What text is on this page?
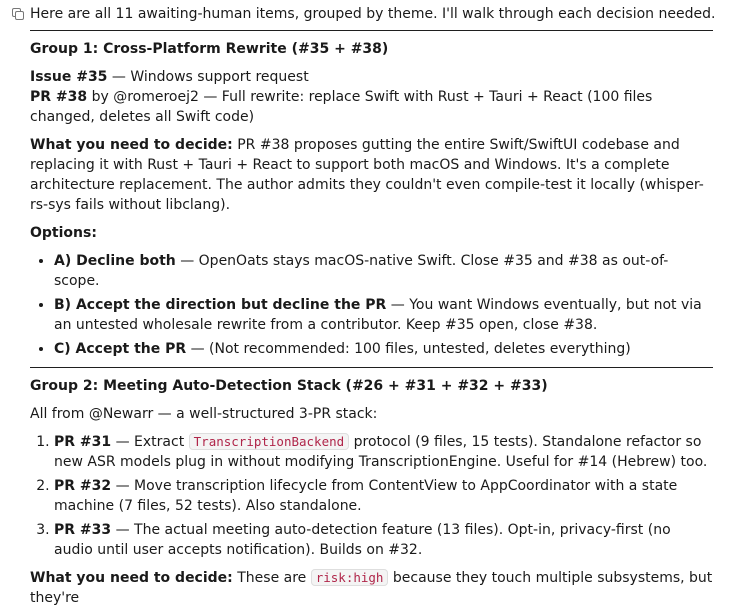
Here are all 11 awaiting-human items, grouped by theme. I'll walk through each decision needed.
Group 1: Cross-Platform Rewrite (#35 + #38)

Issue #35 — Windows support request
PR #38 by @romeroej2 — Full rewrite: replace Swift with Rust + Tauri + React (100 files changed, deletes all Swift code)

What you need to decide: PR #38 proposes gutting the entire Swift/SwiftUI codebase and replacing it with Rust + Tauri + React to support both macOS and Windows. It's a complete architecture replacement. The author admits they couldn't even compile-test it locally (whisper-rs-sys fails without libclang).

Options:

• A) Decline both — OpenOats stays macOS-native Swift. Close #35 and #38 as out-of-scope.
• B) Accept the direction but decline the PR — You want Windows eventually, but not via an untested wholesale rewrite from a contributor. Keep #35 open, close #38.
• C) Accept the PR — (Not recommended: 100 files, untested, deletes everything)
Group 2: Meeting Auto-Detection Stack (#26 + #31 + #32 + #33)

All from @Newarr — a well-structured 3-PR stack:

1. PR #31 — Extract TranscriptionBackend protocol (9 files, 15 tests). Standalone refactor so new ASR models plug in without modifying TranscriptionEngine. Useful for #14 (Hebrew) too.
2. PR #32 — Move transcription lifecycle from ContentView to AppCoordinator with a state machine (7 files, 52 tests). Also standalone.
3. PR #33 — The actual meeting auto-detection feature (13 files). Opt-in, privacy-first (no audio until user accepts notification). Builds on #32.

What you need to decide: These are risk:high because they touch multiple subsystems, but they're
